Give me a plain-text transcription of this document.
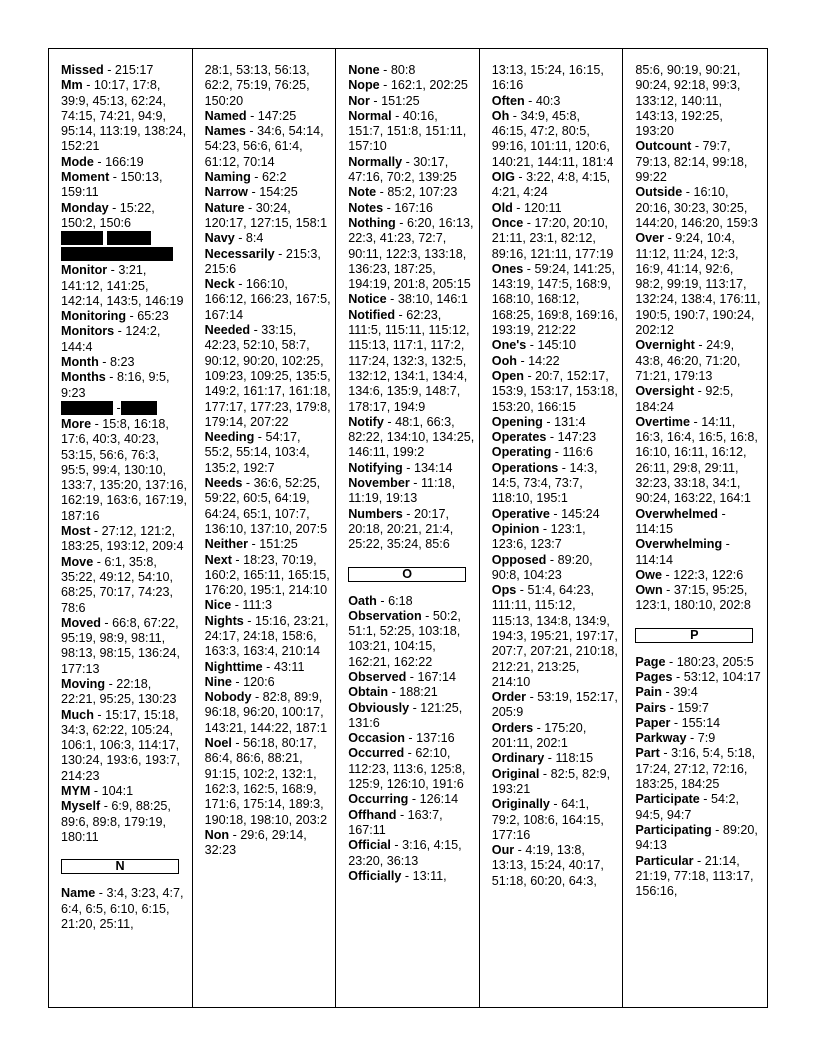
Missed - 215:17

Mm - 10:17, 17:8, 39:9, 45:13, 62:24, 74:15, 74:21, 94:9, 95:14, 113:19, 138:24, 152:21

Mode - 166:19

Moment - 150:13, 159:11

Monday - 15:22, 150:2, 150:6

Monitor - 3:21, 141:12, 141:25, 142:14, 143:5, 146:19

Monitoring - 65:23

Monitors - 124:2, 144:4

Month - 8:23

Months - 8:16, 9:5, 9:23

-

More - 15:8, 16:18, 17:6, 40:3, 40:23, 53:15, 56:6, 76:3, 95:5, 99:4, 130:10, 133:7, 135:20, 137:16, 162:19, 163:6, 167:19, 187:16

Most - 27:12, 121:2, 183:25, 193:12, 209:4

Move - 6:1, 35:8, 35:22, 49:12, 54:10, 68:25, 70:17, 74:23, 78:6

Moved - 66:8, 67:22, 95:19, 98:9, 98:11, 98:13, 98:15, 136:24, 177:13

Moving - 22:18, 22:21, 95:25, 130:23

Much - 15:17, 15:18, 34:3, 62:22, 105:24, 106:1, 106:3, 114:17, 130:24, 193:6, 193:7, 214:23

MYM - 104:1

Myself - 6:9, 88:25, 89:6, 89:8, 179:19, 180:11

N

Name - 3:4, 3:23, 4:7, 6:4, 6:5, 6:10, 6:15, 21:20, 25:11,

28:1, 53:13, 56:13, 62:2, 75:19, 76:25, 150:20

Named - 147:25

Names - 34:6, 54:14, 54:23, 56:6, 61:4, 61:12, 70:14

Naming - 62:2

Narrow - 154:25

Nature - 30:24, 120:17, 127:15, 158:1

Navy - 8:4

Necessarily - 215:3, 215:6

Neck - 166:10, 166:12, 166:23, 167:5, 167:14

Needed - 33:15, 42:23, 52:10, 58:7, 90:12, 90:20, 102:25, 109:23, 109:25, 135:5, 149:2, 161:17, 161:18, 177:17, 177:23, 179:8, 179:14, 207:22

Needing - 54:17, 55:2, 55:14, 103:4, 135:2, 192:7

Needs - 36:6, 52:25, 59:22, 60:5, 64:19, 64:24, 65:1, 107:7, 136:10, 137:10, 207:5

Neither - 151:25

Next - 18:23, 70:19, 160:2, 165:11, 165:15, 176:20, 195:1, 214:10

Nice - 111:3

Nights - 15:16, 23:21, 24:17, 24:18, 158:6, 163:3, 163:4, 210:14

Nighttime - 43:11

Nine - 120:6

Nobody - 82:8, 89:9, 96:18, 96:20, 100:17, 143:21, 144:22, 187:1

Noel - 56:18, 80:17, 86:4, 86:6, 88:21, 91:15, 102:2, 132:1, 162:3, 162:5, 168:9, 171:6, 175:14, 189:3, 190:18, 198:10, 203:2

Non - 29:6, 29:14, 32:23

None - 80:8

Nope - 162:1, 202:25

Nor - 151:25

Normal - 40:16, 151:7, 151:8, 151:11, 157:10

Normally - 30:17, 47:16, 70:2, 139:25

Note - 85:2, 107:23

Notes - 167:16

Nothing - 6:20, 16:13, 22:3, 41:23, 72:7, 90:11, 122:3, 133:18, 136:23, 187:25, 194:19, 201:8, 205:15

Notice - 38:10, 146:1

Notified - 62:23, 111:5, 115:11, 115:12, 115:13, 117:1, 117:2, 117:24, 132:3, 132:5, 132:12, 134:1, 134:4, 134:6, 135:9, 148:7, 178:17, 194:9

Notify - 48:1, 66:3, 82:22, 134:10, 134:25, 146:11, 199:2

Notifying - 134:14

November - 11:18, 11:19, 19:13

Numbers - 20:17, 20:18, 20:21, 21:4, 25:22, 35:24, 85:6

O

Oath - 6:18

Observation - 50:2, 51:1, 52:25, 103:18, 103:21, 104:15, 162:21, 162:22

Observed - 167:14

Obtain - 188:21

Obviously - 121:25, 131:6

Occasion - 137:16

Occurred - 62:10, 112:23, 113:6, 125:8, 125:9, 126:10, 191:6

Occurring - 126:14

Offhand - 163:7, 167:11

Official - 3:16, 4:15, 23:20, 36:13

Officially - 13:11,

13:13, 15:24, 16:15, 16:16

Often - 40:3

Oh - 34:9, 45:8, 46:15, 47:2, 80:5, 99:16, 101:11, 120:6, 140:21, 144:11, 181:4

OIG - 3:22, 4:8, 4:15, 4:21, 4:24

Old - 120:11

Once - 17:20, 20:10, 21:11, 23:1, 82:12, 89:16, 121:11, 177:19

Ones - 59:24, 141:25, 143:19, 147:5, 168:9, 168:10, 168:12, 168:25, 169:8, 169:16, 193:19, 212:22

One's - 145:10

Ooh - 14:22

Open - 20:7, 152:17, 153:9, 153:17, 153:18, 153:20, 166:15

Opening - 131:4

Operates - 147:23

Operating - 116:6

Operations - 14:3, 14:5, 73:4, 73:7, 118:10, 195:1

Operative - 145:24

Opinion - 123:1, 123:6, 123:7

Opposed - 89:20, 90:8, 104:23

Ops - 51:4, 64:23, 111:11, 115:12, 115:13, 134:8, 134:9, 194:3, 195:21, 197:17, 207:7, 207:21, 210:18, 212:21, 213:25, 214:10

Order - 53:19, 152:17, 205:9

Orders - 175:20, 201:11, 202:1

Ordinary - 118:15

Original - 82:5, 82:9, 193:21

Originally - 64:1, 79:2, 108:6, 164:15, 177:16

Our - 4:19, 13:8, 13:13, 15:24, 40:17, 51:18, 60:20, 64:3,

85:6, 90:19, 90:21, 90:24, 92:18, 99:3, 133:12, 140:11, 143:13, 192:25, 193:20

Outcount - 79:7, 79:13, 82:14, 99:18, 99:22

Outside - 16:10, 20:16, 30:23, 30:25, 144:20, 146:20, 159:3

Over - 9:24, 10:4, 11:12, 11:24, 12:3, 16:9, 41:14, 92:6, 98:2, 99:19, 113:17, 132:24, 138:4, 176:11, 190:5, 190:7, 190:24, 202:12

Overnight - 24:9, 43:8, 46:20, 71:20, 71:21, 179:13

Oversight - 92:5, 184:24

Overtime - 14:11, 16:3, 16:4, 16:5, 16:8, 16:10, 16:11, 16:12, 26:11, 29:8, 29:11, 32:23, 33:18, 34:1, 90:24, 163:22, 164:1

Overwhelmed - 114:15

Overwhelming - 114:14

Owe - 122:3, 122:6

Own - 37:15, 95:25, 123:1, 180:10, 202:8

P

Page - 180:23, 205:5

Pages - 53:12, 104:17

Pain - 39:4

Pairs - 159:7

Paper - 155:14

Parkway - 7:9

Part - 3:16, 5:4, 5:18, 17:24, 27:12, 72:16, 183:25, 184:25

Participate - 54:2, 94:5, 94:7

Participating - 89:20, 94:13

Particular - 21:14, 21:19, 77:18, 113:17, 156:16,
